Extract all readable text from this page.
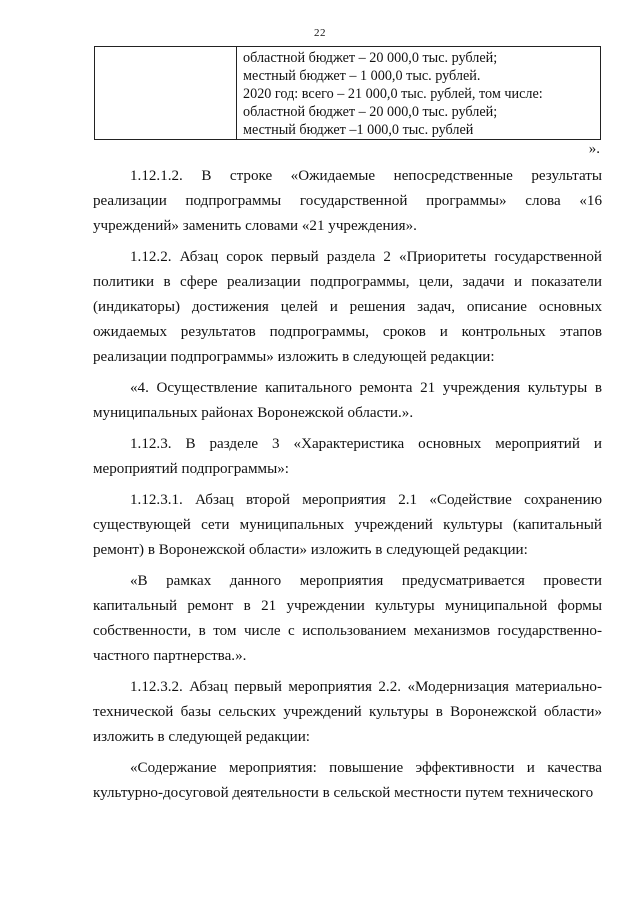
22

областной бюджет – 20 000,0 тыс. рублей;
местный бюджет – 1 000,0 тыс. рублей.
2020 год: всего – 21 000,0 тыс. рублей, том числе:
областной бюджет – 20 000,0 тыс. рублей;
местный бюджет –1 000,0 тыс. рублей
».

1.12.1.2. В строке «Ожидаемые непосредственные результаты реализации подпрограммы государственной программы» слова «16 учреждений» заменить словами «21 учреждения».

1.12.2. Абзац сорок первый раздела 2 «Приоритеты государственной политики в сфере реализации подпрограммы, цели, задачи и показатели (индикаторы) достижения целей и решения задач, описание основных ожидаемых результатов подпрограммы, сроков и контрольных этапов реализации подпрограммы» изложить в следующей редакции:

«4. Осуществление капитального ремонта 21 учреждения культуры в муниципальных районах Воронежской области.».

1.12.3. В разделе 3 «Характеристика основных мероприятий и мероприятий подпрограммы»:

1.12.3.1. Абзац второй мероприятия 2.1 «Содействие сохранению существующей сети муниципальных учреждений культуры (капитальный ремонт) в Воронежской области» изложить в следующей редакции:

«В рамках данного мероприятия предусматривается провести капитальный ремонт в 21 учреждении культуры муниципальной формы собственности, в том числе с использованием механизмов государственно-частного партнерства.».

1.12.3.2. Абзац первый мероприятия 2.2. «Модернизация материально-технической базы сельских учреждений культуры в Воронежской области» изложить в следующей редакции:

«Содержание мероприятия: повышение эффективности и качества культурно-досуговой деятельности в сельской местности путем технического
